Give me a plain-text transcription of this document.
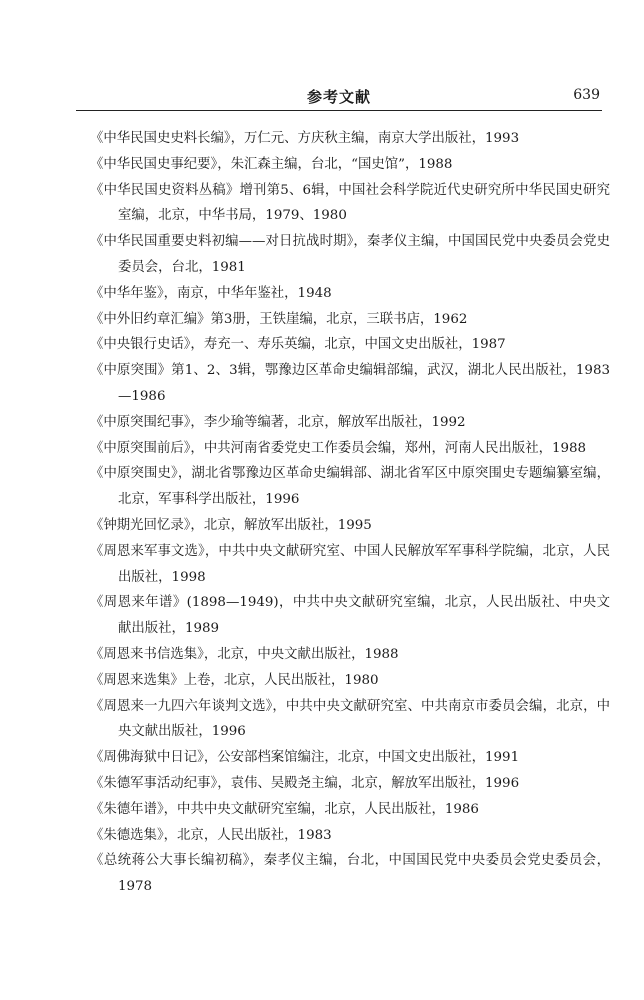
参考文献	639
《中华民国史史料长编》，万仁元、方庆秋主编，南京大学出版社，1993
《中华民国史事纪要》，朱汇森主编，台北，“国史馆”，1988
《中华民国史资料丛稿》增刊第5、6辑，中国社会科学院近代史研究所中华民国史研究室编，北京，中华书局，1979、1980
《中华民国重要史料初编——对日抗战时期》，秦孝仪主编，中国国民党中央委员会党史委员会，台北，1981
《中华年鉴》，南京，中华年鉴社，1948
《中外旧约章汇编》第3册，王铁崖编，北京，三联书店，1962
《中央银行史话》，寿充一、寿乐英编，北京，中国文史出版社，1987
《中原突围》第1、2、3辑，鄂豫边区革命史编辑部编，武汉，湖北人民出版社，1983—1986
《中原突围纪事》，李少瑜等编著，北京，解放军出版社，1992
《中原突围前后》，中共河南省委党史工作委员会编，郑州，河南人民出版社，1988
《中原突围史》，湖北省鄂豫边区革命史编辑部、湖北省军区中原突围史专题编纂室编，北京，军事科学出版社，1996
《钟期光回忆录》，北京，解放军出版社，1995
《周恩来军事文选》，中共中央文献研究室、中国人民解放军军事科学院编，北京，人民出版社，1998
《周恩来年谱》(1898—1949)，中共中央文献研究室编，北京，人民出版社、中央文献出版社，1989
《周恩来书信选集》，北京，中央文献出版社，1988
《周恩来选集》上卷，北京，人民出版社，1980
《周恩来一九四六年谈判文选》，中共中央文献研究室、中共南京市委员会编，北京，中央文献出版社，1996
《周佛海狱中日记》，公安部档案馆编注，北京，中国文史出版社，1991
《朱德军事活动纪事》，袁伟、吴殿尧主编，北京，解放军出版社，1996
《朱德年谱》，中共中央文献研究室编，北京，人民出版社，1986
《朱德选集》，北京，人民出版社，1983
《总统蒋公大事长编初稿》，秦孝仪主编，台北，中国国民党中央委员会党史委员会，1978
